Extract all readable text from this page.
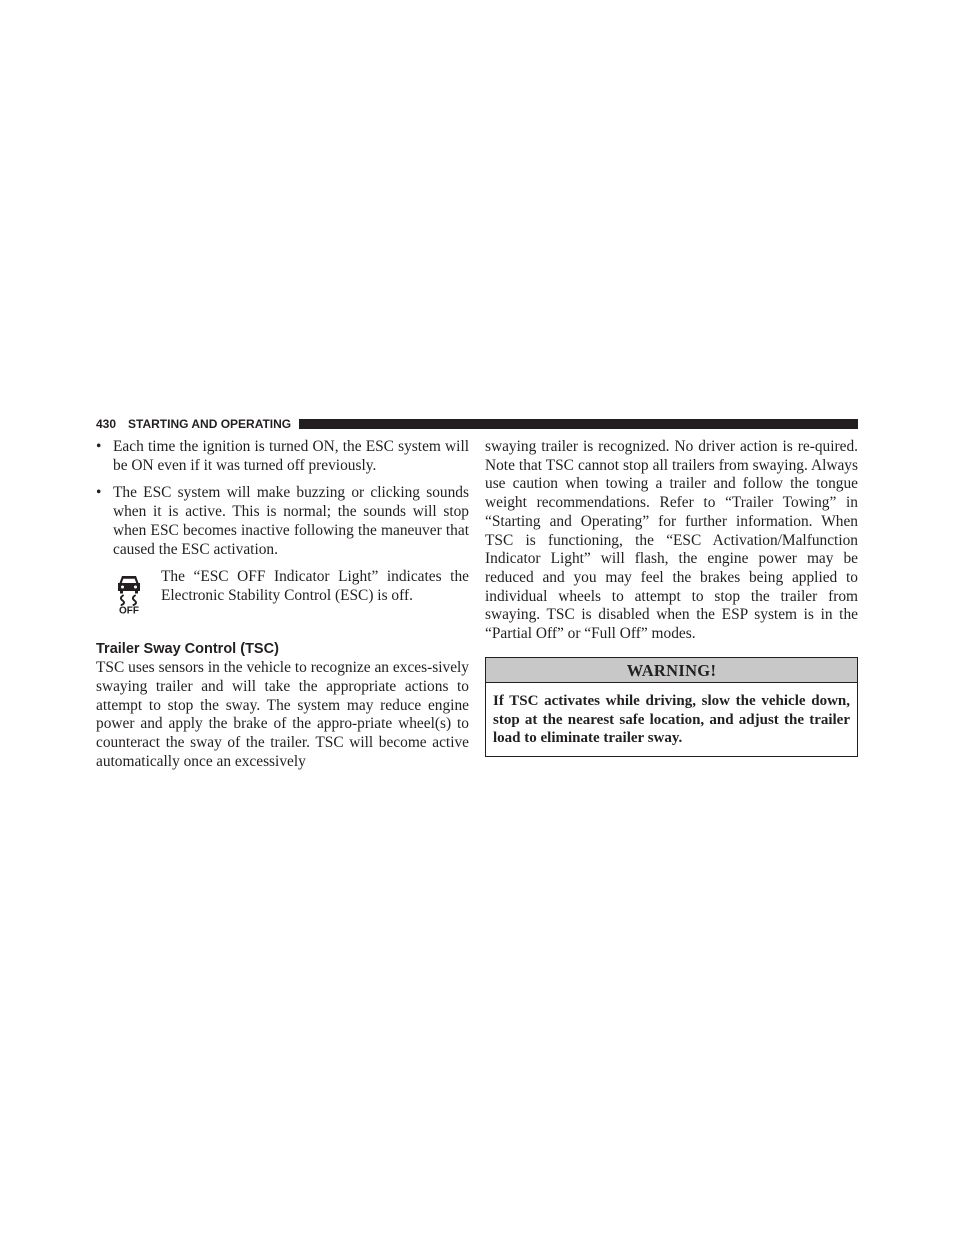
430 STARTING AND OPERATING
• Each time the ignition is turned ON, the ESC system will be ON even if it was turned off previously.
• The ESC system will make buzzing or clicking sounds when it is active. This is normal; the sounds will stop when ESC becomes inactive following the maneuver that caused the ESC activation.
OFF
The “ESC OFF Indicator Light” indicates the Electronic Stability Control (ESC) is off.
Trailer Sway Control (TSC)

TSC uses sensors in the vehicle to recognize an exces-sively swaying trailer and will take the appropriate actions to attempt to stop the sway. The system may reduce engine power and apply the brake of the appro-priate wheel(s) to counteract the sway of the trailer. TSC will become active automatically once an excessively

swaying trailer is recognized. No driver action is re-quired. Note that TSC cannot stop all trailers from swaying. Always use caution when towing a trailer and follow the tongue weight recommendations. Refer to “Trailer Towing” in “Starting and Operating” for further information. When TSC is functioning, the “ESC Activation/Malfunction Indicator Light” will flash, the engine power may be reduced and you may feel the brakes being applied to individual wheels to attempt to stop the trailer from swaying. TSC is disabled when the ESP system is in the “Partial Off” or “Full Off” modes.

WARNING!
If TSC activates while driving, slow the vehicle down, stop at the nearest safe location, and adjust the trailer load to eliminate trailer sway.
